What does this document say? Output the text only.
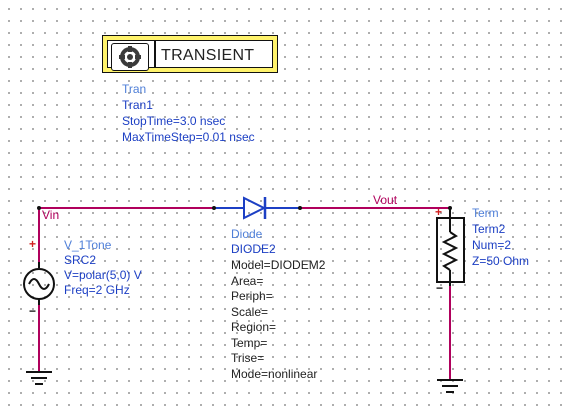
TRANSIENT
Tran
Tran1
StopTime=3.0 nsec
MaxTimeStep=0.01 nsec
Vin
Vout
+
−
V_1Tone
SRC2
V=polar(5,0) V
Freq=2 GHz
Diode
DIODE2
Model=DIODEM2
Area=
Periph=
Scale=
Region=
Temp=
Trise=
Mode=nonlinear
+
−
Term
Term2
Num=2
Z=50 Ohm
